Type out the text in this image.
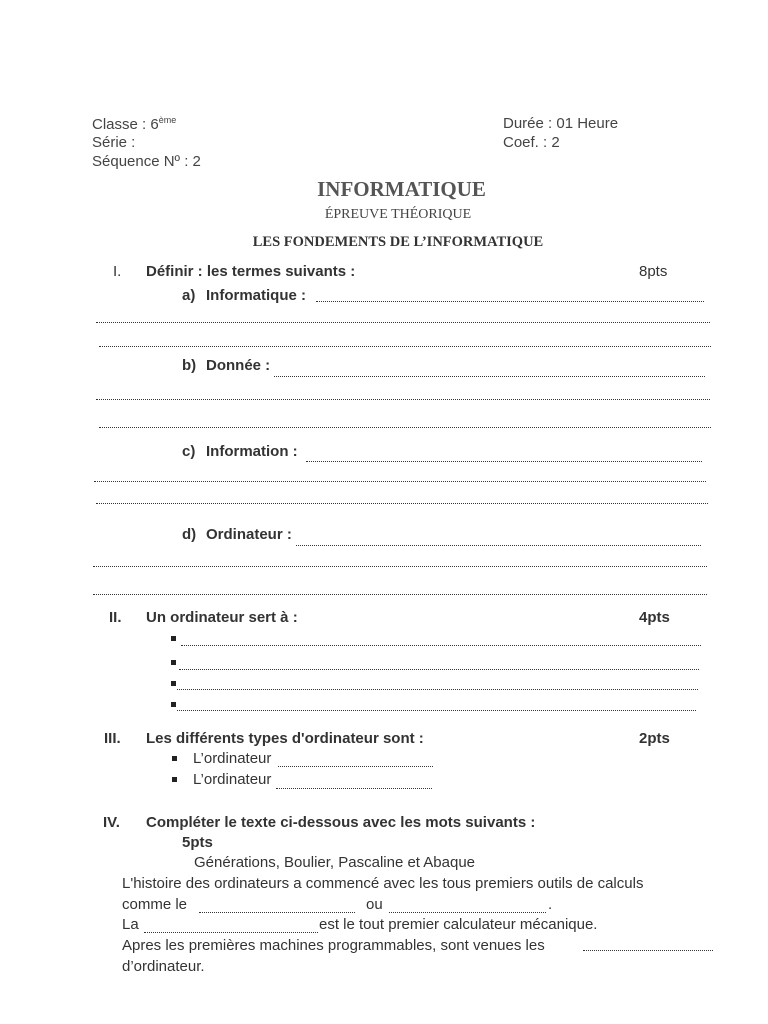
Classe : 6ème
Série :
Séquence Nº : 2
Durée : 01 Heure
Coef. : 2
INFORMATIQUE
ÉPREUVE THÉORIQUE
LES FONDEMENTS DE L’INFORMATIQUE
I. Définir : les termes suivants :	8pts
a) Informatique :
b) Donnée :
c) Information :
d) Ordinateur :
II. Un ordinateur sert à :	4pts
III. Les différents types d'ordinateur sont :	2pts
L’ordinateur
L’ordinateur
IV. Compléter le texte ci-dessous avec les mots suivants :
5pts
Générations, Boulier, Pascaline et Abaque
L'histoire des ordinateurs a commencé avec les tous premiers outils de calculs
comme le	ou	.
La	est le tout premier calculateur mécanique.
Apres les premières machines programmables, sont venues les
d’ordinateur.
